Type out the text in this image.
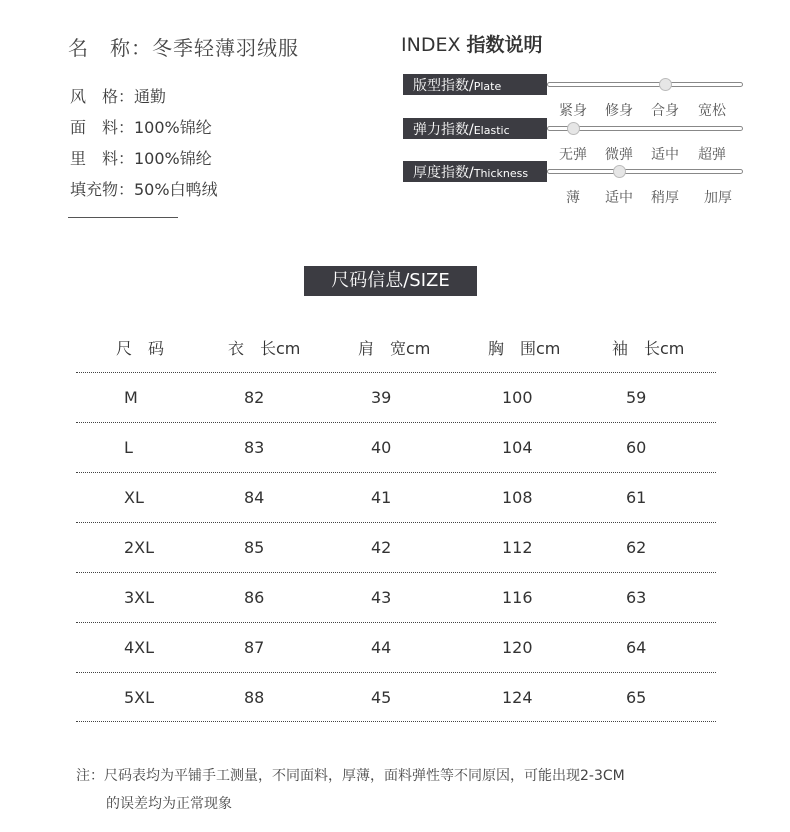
名　称：冬季轻薄羽绒服
风　格：通勤
面　料：100%锦纶
里　料：100%锦纶
填充物：50%白鸭绒
INDEX 指数说明
版型指数/Plate
紧身 修身 合身 宽松
弹力指数/Elastic
无弹 微弹 适中 超弹
厚度指数/Thickness
薄 适中 稍厚 加厚
尺码信息/SIZE
尺　码	衣　长cm	肩　宽cm	胸　围cm	袖　长cm
M	82	39	100	59
L	83	40	104	60
XL	84	41	108	61
2XL	85	42	112	62
3XL	86	43	116	63
4XL	87	44	120	64
5XL	88	45	124	65
注：尺码表均为平铺手工测量，不同面料，厚薄，面料弹性等不同原因，可能出现2-3CM
的误差均为正常现象
